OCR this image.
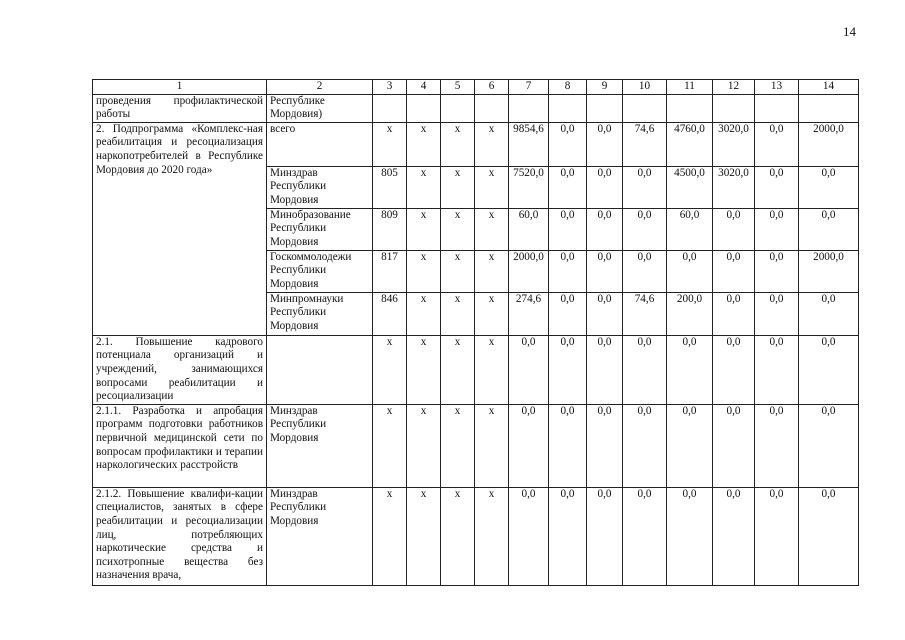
14
1	2	3	4	5	6	7	8	9	10	11	12	13	14
проведения профилактической работы	Республике Мордовия)												
2. Подпрограмма «Комплекс-ная реабилитация и ресоциализация наркопотребителей в Республике Мордовия до 2020 года»	всего	x	x	x	x	9854,6	0,0	0,0	74,6	4760,0	3020,0	0,0	2000,0
	Минздрав Республики Мордовия	805	x	x	x	7520,0	0,0	0,0	0,0	4500,0	3020,0	0,0	0,0
	Минобразование Республики Мордовия	809	x	x	x	60,0	0,0	0,0	0,0	60,0	0,0	0,0	0,0
	Госкоммолодежи Республики Мордовия	817	x	x	x	2000,0	0,0	0,0	0,0	0,0	0,0	0,0	2000,0
	Минпромнауки Республики Мордовия	846	x	x	x	274,6	0,0	0,0	74,6	200,0	0,0	0,0	0,0
2.1. Повышение кадрового потенциала организаций и учреждений, занимающихся вопросами реабилитации и ресоциализации		x	x	x	x	0,0	0,0	0,0	0,0	0,0	0,0	0,0	0,0
2.1.1. Разработка и апробация программ подготовки работников первичной медицинской сети по вопросам профилактики и терапии наркологических расстройств	Минздрав Республики Мордовия	x	x	x	x	0,0	0,0	0,0	0,0	0,0	0,0	0,0	0,0
2.1.2. Повышение квалифи-кации специалистов, занятых в сфере реабилитации и ресоциализации лиц, потребляющих наркотические средства и психотропные вещества без назначения врача,	Минздрав Республики Мордовия	x	x	x	x	0,0	0,0	0,0	0,0	0,0	0,0	0,0	0,0
